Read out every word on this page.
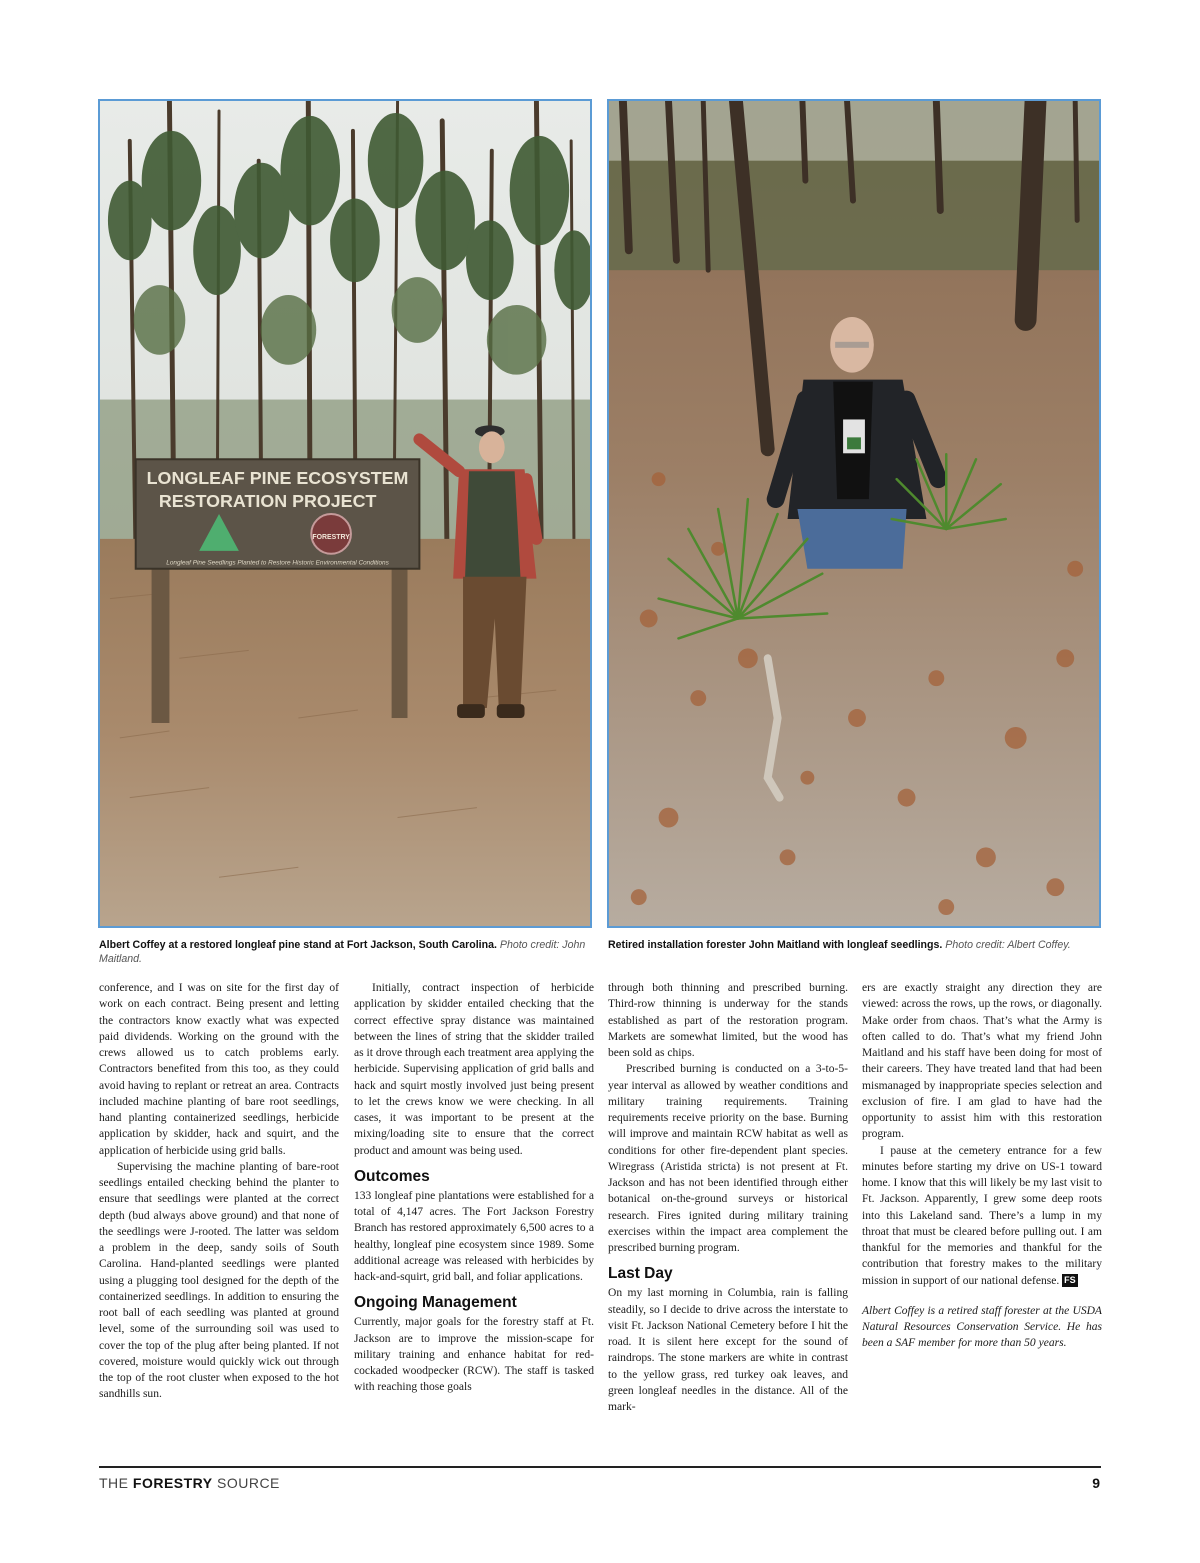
LONGLEAF PINE ECOSYSTEM
RESTORATION PROJECT
FORESTRY
Longleaf Pine Seedlings Planted to Restore Historic Environmental Conditions
Albert Coffey at a restored longleaf pine stand at Fort Jackson, South Carolina. Photo credit: John Maitland.
Retired installation forester John Maitland with longleaf seedlings. Photo credit: Albert Coffey.

conference, and I was on site for the first day of work on each contract. Being present and letting the contractors know exactly what was expected paid dividends. Working on the ground with the crews allowed us to catch problems early. Contractors benefited from this too, as they could avoid having to replant or retreat an area. Contracts included machine planting of bare root seedlings, hand planting containerized seedlings, herbicide application by skidder, hack and squirt, and the application of herbicide using grid balls.

Supervising the machine planting of bare-root seedlings entailed checking behind the planter to ensure that seedlings were planted at the correct depth (bud always above ground) and that none of the seedlings were J-rooted. The latter was seldom a problem in the deep, sandy soils of South Carolina. Hand-planted seedlings were planted using a plugging tool designed for the depth of the containerized seedlings. In addition to ensuring the root ball of each seedling was planted at ground level, some of the surrounding soil was used to cover the top of the plug after being planted. If not covered, moisture would quickly wick out through the top of the root cluster when exposed to the hot sandhills sun.

Initially, contract inspection of herbicide application by skidder entailed checking that the correct effective spray distance was maintained between the lines of string that the skidder trailed as it drove through each treatment area applying the herbicide. Supervising application of grid balls and hack and squirt mostly involved just being present to let the crews know we were checking. In all cases, it was important to be present at the mixing/loading site to ensure that the correct product and amount was being used.

Outcomes

133 longleaf pine plantations were established for a total of 4,147 acres. The Fort Jackson Forestry Branch has restored approximately 6,500 acres to a healthy, longleaf pine ecosystem since 1989. Some additional acreage was released with herbicides by hack-and-squirt, grid ball, and foliar applications.

Ongoing Management

Currently, major goals for the forestry staff at Ft. Jackson are to improve the mission-scape for military training and enhance habitat for red-cockaded woodpecker (RCW). The staff is tasked with reaching those goals

through both thinning and prescribed burning. Third-row thinning is underway for the stands established as part of the restoration program. Markets are somewhat limited, but the wood has been sold as chips.

Prescribed burning is conducted on a 3-to-5-year interval as allowed by weather conditions and military training requirements. Training requirements receive priority on the base. Burning will improve and maintain RCW habitat as well as conditions for other fire-dependent plant species. Wiregrass (Aristida stricta) is not present at Ft. Jackson and has not been identified through either botanical on-the-ground surveys or historical research. Fires ignited during military training exercises within the impact area complement the prescribed burning program.

Last Day

On my last morning in Columbia, rain is falling steadily, so I decide to drive across the interstate to visit Ft. Jackson National Cemetery before I hit the road. It is silent here except for the sound of raindrops. The stone markers are white in contrast to the yellow grass, red turkey oak leaves, and green longleaf needles in the distance. All of the mark-

ers are exactly straight any direction they are viewed: across the rows, up the rows, or diagonally. Make order from chaos. That’s what the Army is often called to do. That’s what my friend John Maitland and his staff have been doing for most of their careers. They have treated land that had been mismanaged by inappropriate species selection and exclusion of fire. I am glad to have had the opportunity to assist him with this restoration program.

I pause at the cemetery entrance for a few minutes before starting my drive on US-1 toward home. I know that this will likely be my last visit to Ft. Jackson. Apparently, I grew some deep roots into this Lakeland sand. There’s a lump in my throat that must be cleared before pulling out. I am thankful for the memories and thankful for the contribution that forestry makes to the military mission in support of our national defense. FS

Albert Coffey is a retired staff forester at the USDA Natural Resources Conservation Service. He has been a SAF member for more than 50 years.

THE FORESTRY SOURCE	9
